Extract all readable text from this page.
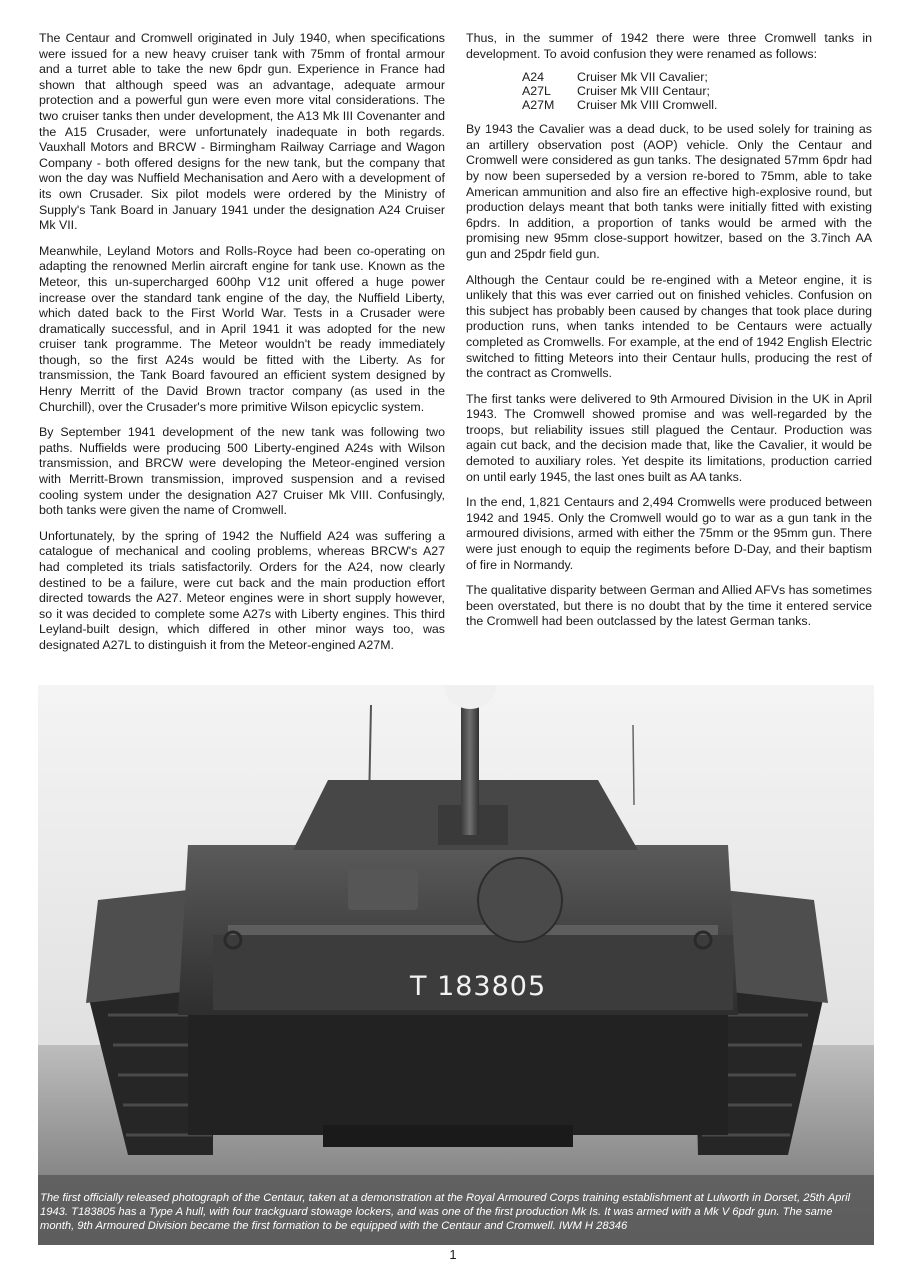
The Centaur and Cromwell originated in July 1940, when specifications were issued for a new heavy cruiser tank with 75mm of frontal armour and a turret able to take the new 6pdr gun. Experience in France had shown that although speed was an advantage, adequate armour protection and a powerful gun were even more vital considerations. The two cruiser tanks then under development, the A13 Mk III Covenanter and the A15 Crusader, were unfortunately inadequate in both regards. Vauxhall Motors and BRCW - Birmingham Railway Carriage and Wagon Company - both offered designs for the new tank, but the company that won the day was Nuffield Mechanisation and Aero with a development of its own Crusader. Six pilot models were ordered by the Ministry of Supply's Tank Board in January 1941 under the designation A24 Cruiser Mk VII.

Meanwhile, Leyland Motors and Rolls-Royce had been co-operating on adapting the renowned Merlin aircraft engine for tank use. Known as the Meteor, this un-supercharged 600hp V12 unit offered a huge power increase over the standard tank engine of the day, the Nuffield Liberty, which dated back to the First World War. Tests in a Crusader were dramatically successful, and in April 1941 it was adopted for the new cruiser tank programme. The Meteor wouldn't be ready immediately though, so the first A24s would be fitted with the Liberty. As for transmission, the Tank Board favoured an efficient system designed by Henry Merritt of the David Brown tractor company (as used in the Churchill), over the Crusader's more primitive Wilson epicyclic system.

By September 1941 development of the new tank was following two paths. Nuffields were producing 500 Liberty-engined A24s with Wilson transmission, and BRCW were developing the Meteor-engined version with Merritt-Brown transmission, improved suspension and a revised cooling system under the designation A27 Cruiser Mk VIII. Confusingly, both tanks were given the name of Cromwell.

Unfortunately, by the spring of 1942 the Nuffield A24 was suffering a catalogue of mechanical and cooling problems, whereas BRCW's A27 had completed its trials satisfactorily. Orders for the A24, now clearly destined to be a failure, were cut back and the main production effort directed towards the A27. Meteor engines were in short supply however, so it was decided to complete some A27s with Liberty engines. This third Leyland-built design, which differed in other minor ways too, was designated A27L to distinguish it from the Meteor-engined A27M.

Thus, in the summer of 1942 there were three Cromwell tanks in development. To avoid confusion they were renamed as follows:

A24	Cruiser Mk VII Cavalier;
A27L	Cruiser Mk VIII Centaur;
A27M	Cruiser Mk VIII Cromwell.

By 1943 the Cavalier was a dead duck, to be used solely for training as an artillery observation post (AOP) vehicle. Only the Centaur and Cromwell were considered as gun tanks. The designated 57mm 6pdr had by now been superseded by a version re-bored to 75mm, able to take American ammunition and also fire an effective high-explosive round, but production delays meant that both tanks were initially fitted with existing 6pdrs. In addition, a proportion of tanks would be armed with the promising new 95mm close-support howitzer, based on the 3.7inch AA gun and 25pdr field gun.

Although the Centaur could be re-engined with a Meteor engine, it is unlikely that this was ever carried out on finished vehicles. Confusion on this subject has probably been caused by changes that took place during production runs, when tanks intended to be Centaurs were actually completed as Cromwells. For example, at the end of 1942 English Electric switched to fitting Meteors into their Centaur hulls, producing the rest of the contract as Cromwells.

The first tanks were delivered to 9th Armoured Division in the UK in April 1943. The Cromwell showed promise and was well-regarded by the troops, but reliability issues still plagued the Centaur. Production was again cut back, and the decision made that, like the Cavalier, it would be demoted to auxiliary roles. Yet despite its limitations, production carried on until early 1945, the last ones built as AA tanks.

In the end, 1,821 Centaurs and 2,494 Cromwells were produced between 1942 and 1945. Only the Cromwell would go to war as a gun tank in the armoured divisions, armed with either the 75mm or the 95mm gun. There were just enough to equip the regiments before D-Day, and their baptism of fire in Normandy.

The qualitative disparity between German and Allied AFVs has sometimes been overstated, but there is no doubt that by the time it entered service the Cromwell had been outclassed by the latest German tanks.

T 183805
The first officially released photograph of the Centaur, taken at a demonstration at the Royal Armoured Corps training establishment at Lulworth in Dorset, 25th April 1943. T183805 has a Type A hull, with four trackguard stowage lockers, and was one of the first production Mk Is. It was armed with a Mk V 6pdr gun. The same month, 9th Armoured Division became the first formation to be equipped with the Centaur and Cromwell. IWM H 28346
1
